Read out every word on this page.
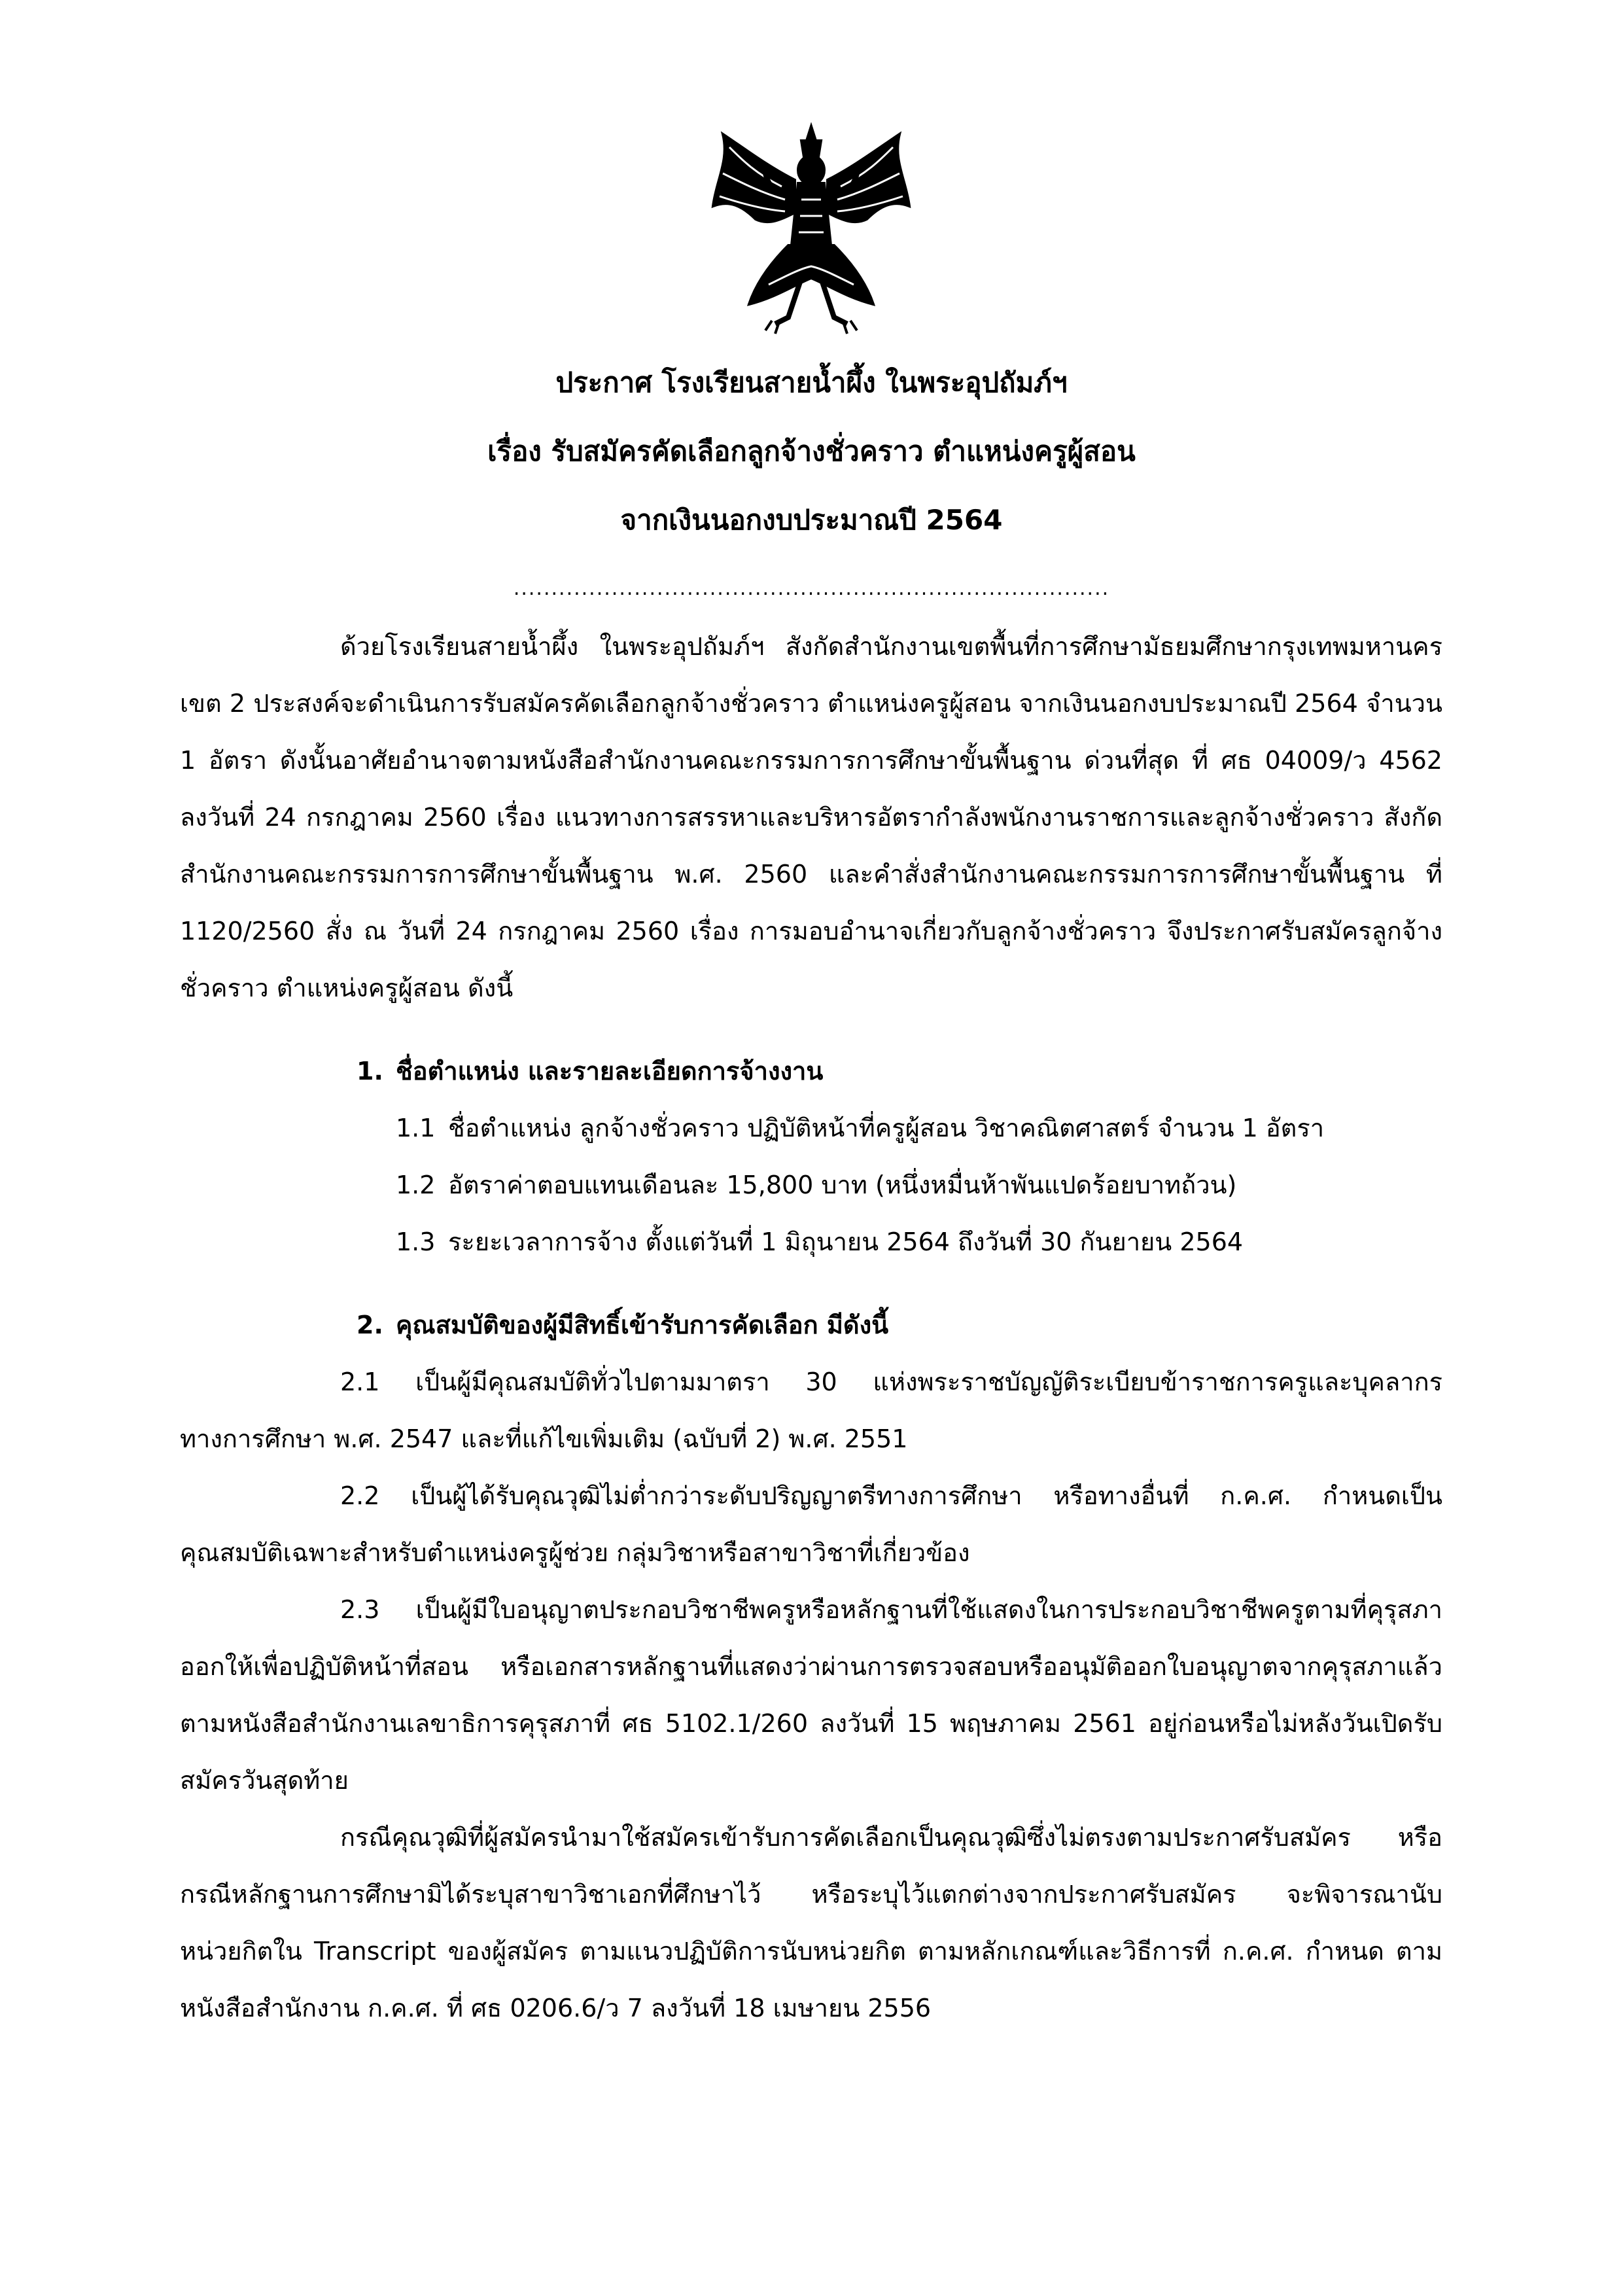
ประกาศ โรงเรียนสายน้ำผึ้ง ในพระอุปถัมภ์ฯ
เรื่อง รับสมัครคัดเลือกลูกจ้างชั่วคราว ตำแหน่งครูผู้สอน
จากเงินนอกงบประมาณปี 2564
...............................................................................

ด้วยโรงเรียนสายน้ำผึ้ง ในพระอุปถัมภ์ฯ สังกัดสำนักงานเขตพื้นที่การศึกษามัธยมศึกษากรุงเทพมหานคร เขต 2 ประสงค์จะดำเนินการรับสมัครคัดเลือกลูกจ้างชั่วคราว ตำแหน่งครูผู้สอน จากเงินนอกงบประมาณปี 2564 จำนวน 1 อัตรา ดังนั้นอาศัยอำนาจตามหนังสือสำนักงานคณะกรรมการการศึกษาขั้นพื้นฐาน ด่วนที่สุด ที่ ศธ 04009/ว 4562 ลงวันที่ 24 กรกฎาคม 2560 เรื่อง แนวทางการสรรหาและบริหารอัตรากำลังพนักงานราชการและลูกจ้างชั่วคราว สังกัดสำนักงานคณะกรรมการการศึกษาขั้นพื้นฐาน พ.ศ. 2560 และคำสั่งสำนักงานคณะกรรมการการศึกษาขั้นพื้นฐาน ที่ 1120/2560 สั่ง ณ วันที่ 24 กรกฎาคม 2560 เรื่อง การมอบอำนาจเกี่ยวกับลูกจ้างชั่วคราว จึงประกาศรับสมัครลูกจ้างชั่วคราว ตำแหน่งครูผู้สอน ดังนี้

1. ชื่อตำแหน่ง และรายละเอียดการจ้างงาน

1.1 ชื่อตำแหน่ง ลูกจ้างชั่วคราว ปฏิบัติหน้าที่ครูผู้สอน วิชาคณิตศาสตร์ จำนวน 1 อัตรา

1.2 อัตราค่าตอบแทนเดือนละ 15,800 บาท (หนึ่งหมื่นห้าพันแปดร้อยบาทถ้วน)

1.3 ระยะเวลาการจ้าง ตั้งแต่วันที่ 1 มิถุนายน 2564 ถึงวันที่ 30 กันยายน 2564

2. คุณสมบัติของผู้มีสิทธิ์เข้ารับการคัดเลือก มีดังนี้

2.1 เป็นผู้มีคุณสมบัติทั่วไปตามมาตรา 30 แห่งพระราชบัญญัติระเบียบข้าราชการครูและบุคลากรทางการศึกษา พ.ศ. 2547 และที่แก้ไขเพิ่มเติม (ฉบับที่ 2) พ.ศ. 2551

2.2 เป็นผู้ได้รับคุณวุฒิไม่ต่ำกว่าระดับปริญญาตรีทางการศึกษา หรือทางอื่นที่ ก.ค.ศ. กำหนดเป็นคุณสมบัติเฉพาะสำหรับตำแหน่งครูผู้ช่วย กลุ่มวิชาหรือสาขาวิชาที่เกี่ยวข้อง

2.3 เป็นผู้มีใบอนุญาตประกอบวิชาชีพครูหรือหลักฐานที่ใช้แสดงในการประกอบวิชาชีพครูตามที่คุรุสภาออกให้เพื่อปฏิบัติหน้าที่สอน หรือเอกสารหลักฐานที่แสดงว่าผ่านการตรวจสอบหรืออนุมัติออกใบอนุญาตจากคุรุสภาแล้ว ตามหนังสือสำนักงานเลขาธิการคุรุสภาที่ ศธ 5102.1/260 ลงวันที่ 15 พฤษภาคม 2561 อยู่ก่อนหรือไม่หลังวันเปิดรับสมัครวันสุดท้าย

กรณีคุณวุฒิที่ผู้สมัครนำมาใช้สมัครเข้ารับการคัดเลือกเป็นคุณวุฒิซึ่งไม่ตรงตามประกาศรับสมัคร หรือกรณีหลักฐานการศึกษามิได้ระบุสาขาวิชาเอกที่ศึกษาไว้ หรือระบุไว้แตกต่างจากประกาศรับสมัคร จะพิจารณานับหน่วยกิตใน Transcript ของผู้สมัคร ตามแนวปฏิบัติการนับหน่วยกิต ตามหลักเกณฑ์และวิธีการที่ ก.ค.ศ. กำหนด ตามหนังสือสำนักงาน ก.ค.ศ. ที่ ศธ 0206.6/ว 7 ลงวันที่ 18 เมษายน 2556
